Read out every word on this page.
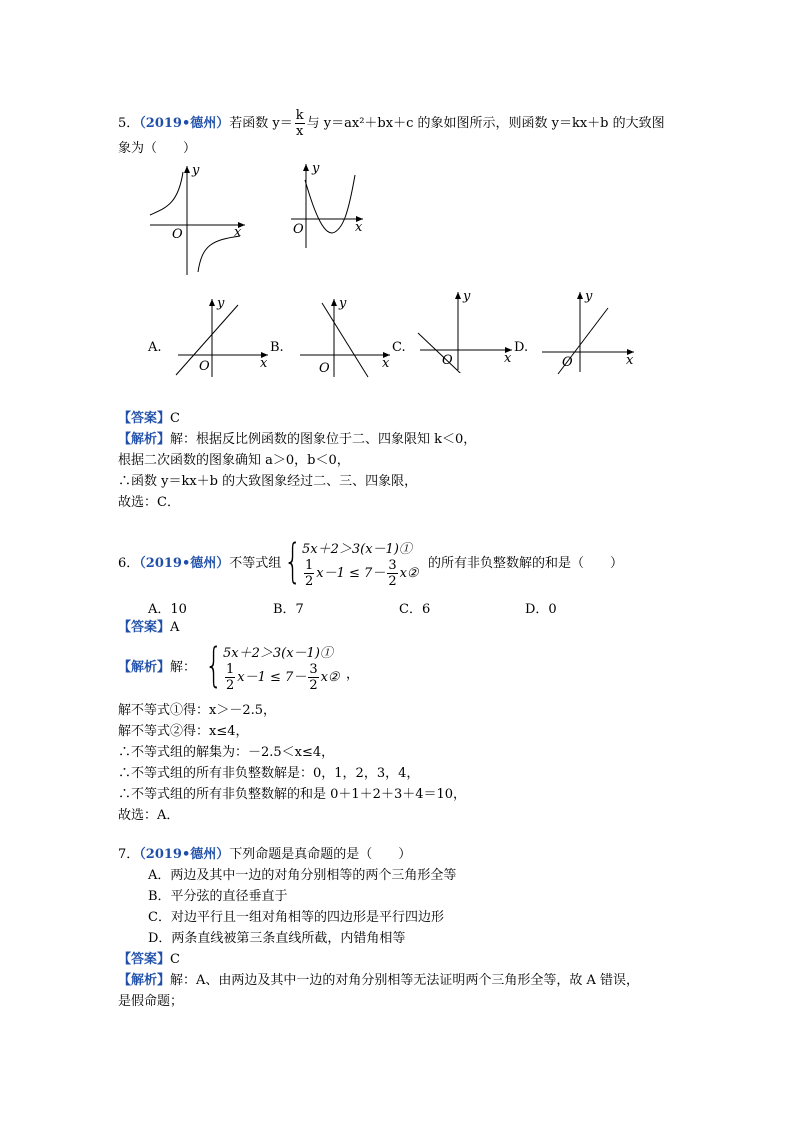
5．（2019•德州）若函数 $y= \frac{k}{x}$ 与 y＝ax²＋bx＋c 的象如图所示，则函数 y＝kx＋b 的大致图
象为（　　）
y
x
O
y
x
O
A.
y
x
O
B.
y
x
O
C.
y
x
O
D.
y
x
O
【答案】C
【解析】解：根据反比例函数的图象位于二、四象限知 k＜0，
根据二次函数的图象确知 a＞0，b＜0，
∴函数 y＝kx＋b 的大致图象经过二、三、四象限，
故选：C．
6．（2019•德州）不等式组 { 5x＋2＞3(x－1)①
$\frac{1}{2} x-1 \le 7- \frac{3}{2}$ x②
的所有非负整数解的和是（　　）
A．10	B．7	C．6	D．0
【答案】A
【解析】解： { 5x＋2＞3(x－1)①
$\frac{1}{2} x-1 \le 7- \frac{3}{2}$ x② ，
解不等式①得：x＞－2.5，
解不等式②得：x≤4，
∴不等式组的解集为：－2.5＜x≤4，
∴不等式组的所有非负整数解是：0，1，2，3，4，
∴不等式组的所有非负整数解的和是 0＋1＋2＋3＋4＝10，
故选：A．
7．（2019•德州）下列命题是真命题的是（　　）
A．两边及其中一边的对角分别相等的两个三角形全等
B．平分弦的直径垂直于
C．对边平行且一组对角相等的四边形是平行四边形
D．两条直线被第三条直线所截，内错角相等
【答案】C
【解析】解：A、由两边及其中一边的对角分别相等无法证明两个三角形全等，故 A 错误，
是假命题；
